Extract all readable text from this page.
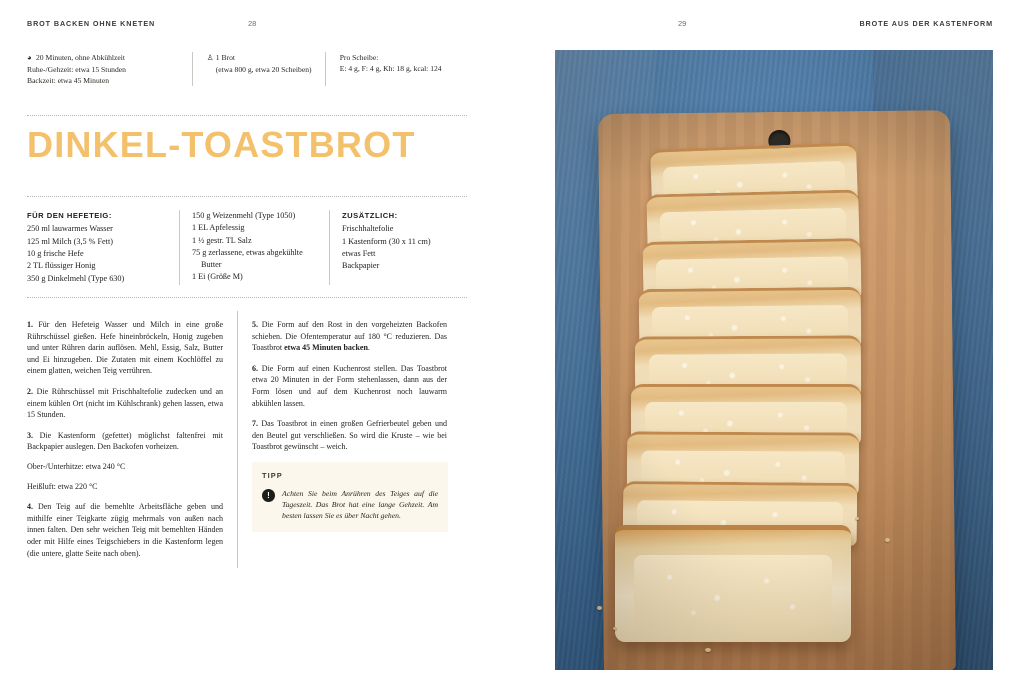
BROT BACKEN OHNE KNETEN	28
◕ 20 Minuten, ohne Abkühlzeit
Ruhe-/Gehzeit: etwa 15 Stunden
Backzeit: etwa 45 Minuten
♙ 1 Brot
(etwa 800 g, etwa 20 Scheiben)
Pro Scheibe:
E: 4 g, F: 4 g, Kh: 18 g, kcal: 124
DINKEL-TOASTBROT
FÜR DEN HEFETEIG:
250 ml lauwarmes Wasser
125 ml Milch (3,5 % Fett)
10 g frische Hefe
2 TL flüssiger Honig
350 g Dinkelmehl (Type 630)
150 g Weizenmehl (Type 1050)
1 EL Apfelessig
1 ½ gestr. TL Salz
75 g zerlassene, etwas abgekühlte
Butter
1 Ei (Größe M)
ZUSÄTZLICH:
Frischhaltefolie
1 Kastenform (30 x 11 cm)
etwas Fett
Backpapier

1. Für den Hefeteig Wasser und Milch in eine große Rührschüssel gießen. Hefe hineinbröckeln, Honig zugeben und unter Rühren darin auflösen. Mehl, Essig, Salz, Butter und Ei hinzugeben. Die Zutaten mit einem Kochlöffel zu einem glatten, weichen Teig verrühren.

2. Die Rührschüssel mit Frischhaltefolie zudecken und an einem kühlen Ort (nicht im Kühlschrank) gehen lassen, etwa 15 Stunden.

3. Die Kastenform (gefettet) möglichst faltenfrei mit Backpapier auslegen. Den Backofen vorheizen.

Ober-/Unterhitze: etwa 240 °C

Heißluft: etwa 220 °C

4. Den Teig auf die bemehlte Arbeitsfläche geben und mithilfe einer Teigkarte zügig mehrmals von außen nach innen falten. Den sehr weichen Teig mit bemehlten Händen oder mit Hilfe eines Teigschiebers in die Kastenform legen (die untere, glatte Seite nach oben).

5. Die Form auf den Rost in den vorgeheizten Backofen schieben. Die Ofentemperatur auf 180 °C reduzieren. Das Toastbrot etwa 45 Minuten backen.

6. Die Form auf einen Kuchenrost stellen. Das Toastbrot etwa 20 Minuten in der Form stehenlassen, dann aus der Form lösen und auf dem Kuchenrost noch lauwarm abkühlen lassen.

7. Das Toastbrot in einen großen Gefrierbeutel geben und den Beutel gut verschließen. So wird die Kruste – wie bei Toastbrot gewünscht – weich.

TIPP
!	Achten Sie beim Anrühren des Teiges auf die Tageszeit. Das Brot hat eine lange Gehzeit. Am besten lassen Sie es über Nacht gehen.
29	BROTE AUS DER KASTENFORM
